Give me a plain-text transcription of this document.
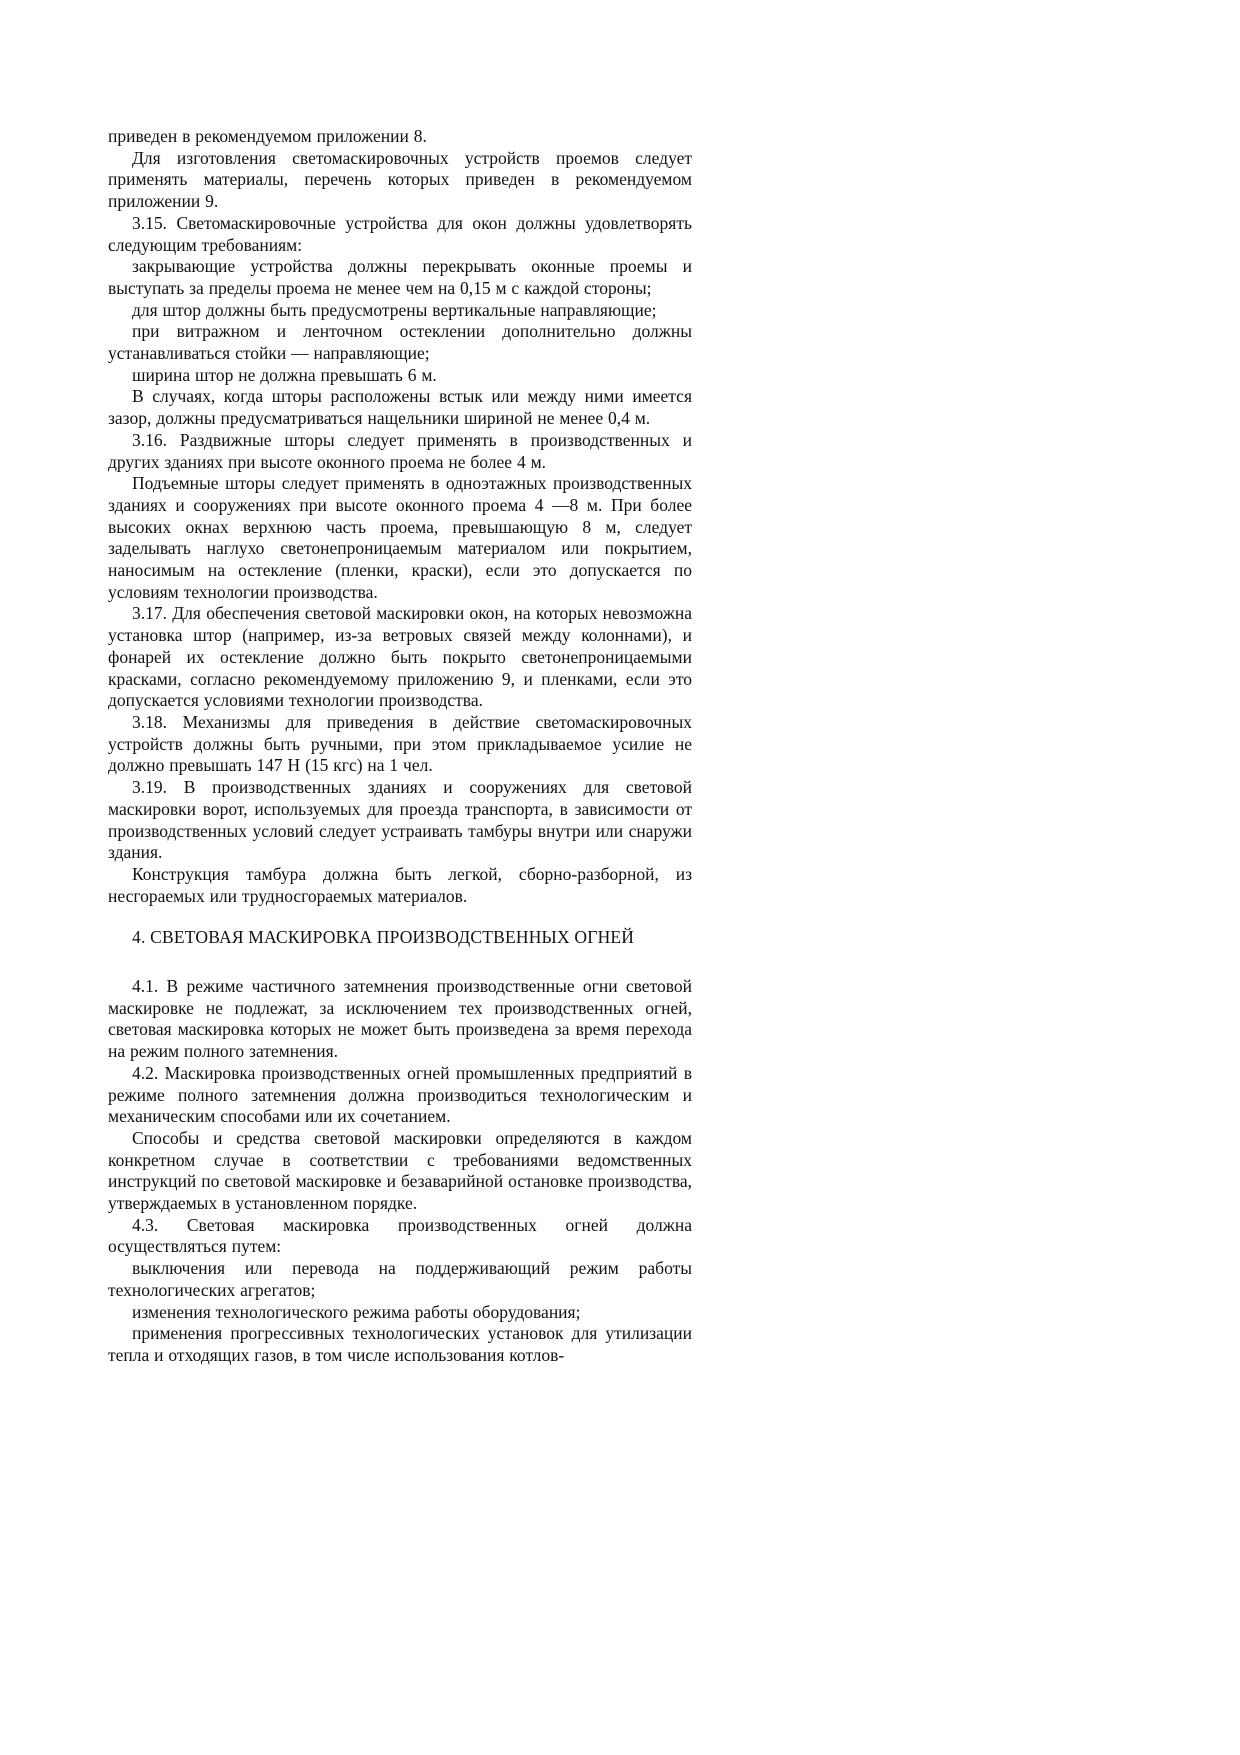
приведен в рекомендуемом приложении 8.

Для изготовления светомаскировочных устройств проемов следует применять материалы, перечень которых приведен в рекомендуемом приложении 9.

3.15. Светомаскировочные устройства для окон должны удовлетворять следующим требованиям:

закрывающие устройства должны перекрывать оконные проемы и выступать за пределы проема не менее чем на 0,15 м с каждой стороны;

для штор должны быть предусмотрены вертикальные направляющие;

при витражном и ленточном остеклении дополнительно должны устанавливаться стойки — направляющие;

ширина штор не должна превышать 6 м.

В случаях, когда шторы расположены встык или между ними имеется зазор, должны предусматриваться нащельники шириной не менее 0,4 м.

3.16. Раздвижные шторы следует применять в производственных и других зданиях при высоте оконного проема не более 4 м.

Подъемные шторы следует применять в одноэтажных производственных зданиях и сооружениях при высоте оконного проема 4 —8 м. При более высоких окнах верхнюю часть проема, превышающую 8 м, следует заделывать наглухо светонепроницаемым материалом или покрытием, наносимым на остекление (пленки, краски), если это допускается по условиям технологии производства.

3.17. Для обеспечения световой маскировки окон, на которых невозможна установка штор (например, из-за ветровых связей между колоннами), и фонарей их остекление должно быть покрыто светонепроницаемыми красками, согласно рекомендуемому приложению 9, и пленками, если это допускается условиями технологии производства.

3.18. Механизмы для приведения в действие светомаскировочных устройств должны быть ручными, при этом прикладываемое усилие не должно превышать 147 Н (15 кгс) на 1 чел.

3.19. В производственных зданиях и сооружениях для световой маскировки ворот, используемых для проезда транспорта, в зависимости от производственных условий следует устраивать тамбуры внутри или снаружи здания.

Конструкция тамбура должна быть легкой, сборно-разборной, из несгораемых или трудносгораемых материалов.

4. СВЕТОВАЯ МАСКИРОВКА ПРОИЗВОДСТВЕННЫХ ОГНЕЙ

4.1. В режиме частичного затемнения производственные огни световой маскировке не подлежат, за исключением тех производственных огней, световая маскировка которых не может быть произведена за время перехода на режим полного затемнения.

4.2. Маскировка производственных огней промышленных предприятий в режиме полного затемнения должна производиться технологическим и механическим способами или их сочетанием.

Способы и средства световой маскировки определяются в каждом конкретном случае в соответствии с требованиями ведомственных инструкций по световой маскировке и безаварийной остановке производства, утверждаемых в установленном порядке.

4.3. Световая маскировка производственных огней должна осуществляться путем:

выключения или перевода на поддерживающий режим работы технологических агрегатов;

изменения технологического режима работы оборудования;

применения прогрессивных технологических установок для утилизации тепла и отходящих газов, в том числе использования котлов-
